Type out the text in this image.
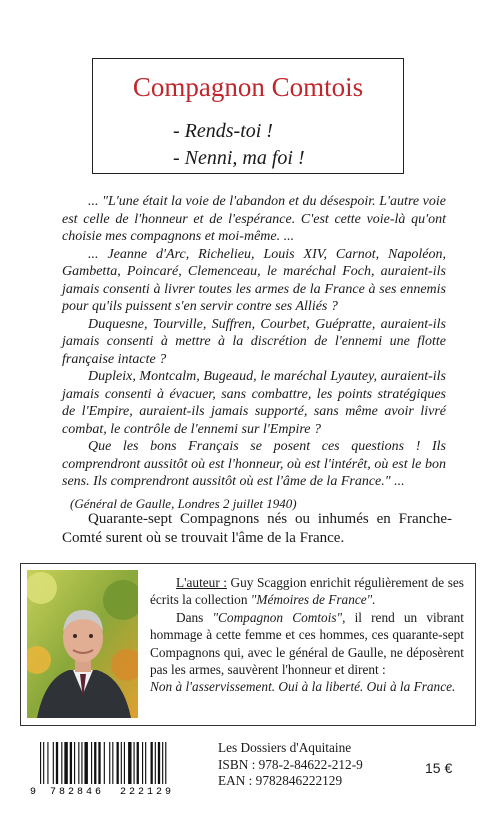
Compagnon Comtois
- Rends-toi !
- Nenni, ma foi !

... "L'une était la voie de l'abandon et du désespoir. L'autre voie est celle de l'honneur et de l'espérance. C'est cette voie-là qu'ont choisie mes compagnons et moi-même. ...

... Jeanne d'Arc, Richelieu, Louis XIV, Carnot, Napoléon, Gambetta, Poincaré, Clemenceau, le maréchal Foch, auraient-ils jamais consenti à livrer toutes les armes de la France à ses ennemis pour qu'ils puissent s'en servir contre ses Alliés ?

Duquesne, Tourville, Suffren, Courbet, Guépratte, auraient-ils jamais consenti à mettre à la discrétion de l'ennemi une flotte française intacte ?

Dupleix, Montcalm, Bugeaud, le maréchal Lyautey, auraient-ils jamais consenti à évacuer, sans combattre, les points stratégiques de l'Empire, auraient-ils jamais supporté, sans même avoir livré combat, le contrôle de l'ennemi sur l'Empire ?

Que les bons Français se posent ces questions ! Ils comprendront aussitôt où est l'honneur, où est l'intérêt, où est le bon sens. Ils comprendront aussitôt où est l'âme de la France." ...

(Général de Gaulle, Londres 2 juillet 1940)

Quarante-sept Compagnons nés ou inhumés en Franche-Comté surent où se trouvait l'âme de la France.

L'auteur : Guy Scaggion enrichit régulièrement de ses écrits la collection "Mémoires de France".

Dans "Compagnon Comtois", il rend un vibrant hommage à cette femme et ces hommes, ces quarante-sept Compagnons qui, avec le général de Gaulle, ne déposèrent pas les armes, sauvèrent l'honneur et dirent :

Non à l'asservissement. Oui à la liberté. Oui à la France.

9 782846 222129
Les Dossiers d'Aquitaine
ISBN : 978-2-84622-212-9
EAN : 9782846222129
15 €
